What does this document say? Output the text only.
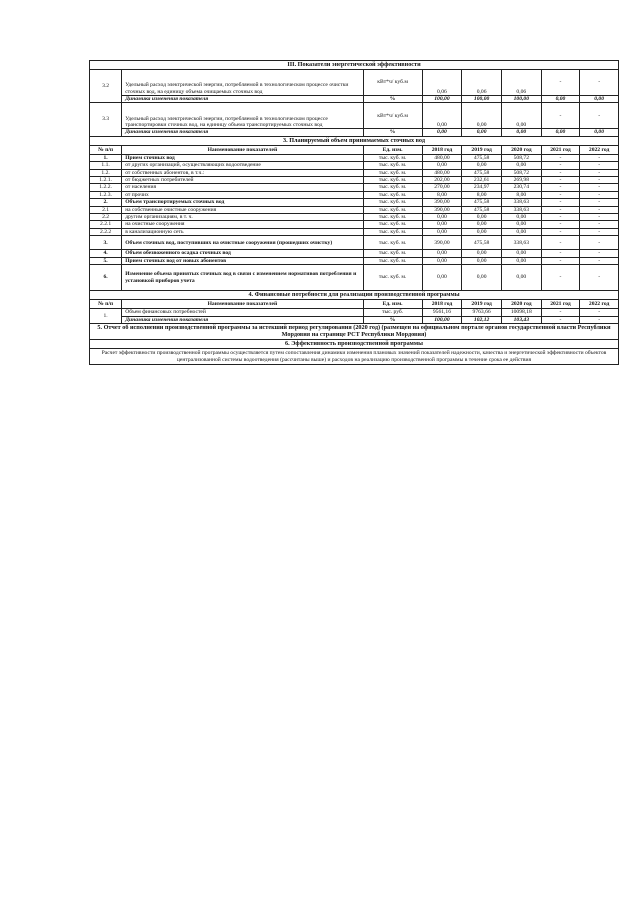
III. Показатели энергетической эффективности							
3.2	Удельный расход электрической энергии, потребляемой в технологическом процессе очистки сточных вод, на единицу объема очищаемых сточных вод	кВт*ч/ куб.м	0,06	0,06	0,06	-	-
	Динамика изменения показателя	%	100,00	100,00	100,00	0,00	0,00
3.3	Удельный расход электрической энергии, потребляемой в технологическом процессе транспортировки сточных вод, на единицу объема транспортируемых сточных вод	кВт*ч/ куб.м	0,00	0,00	0,00	-	-
	Динамика изменения показателя	%	0,00	0,00	0,00	0,00	0,00
3. Планируемый объем принимаемых сточных вод							
№ п/п	Наименование показателей	Ед. изм.	2018 год	2019 год	2020 год	2021 год	2022 год
1.	Прием сточных вод	тыс. куб. м.	480,00	475,58	508,72	-	-
1.1.	от других организаций, осуществляющих водоотведение	тыс. куб. м.	0,00	0,00	0,00	-	-
1.2.	от собственных абонентов, в т.ч.:	тыс. куб. м.	480,00	475,58	508,72	-	-
1.2.1.	от бюджетных потребителей	тыс. куб. м.	202,00	232,61	269,98	-	-
1.2.2.	от населения	тыс. куб. м.	270,00	234,97	230,74	-	-
1.2.3.	от прочих	тыс. куб. м.	8,00	8,00	8,00	-	-
2.	Объем транспортируемых сточных вод	тыс. куб. м.	390,00	475,58	338,63	-	-
2.1	на собственные очистные сооружения	тыс. куб. м.	390,00	475,58	338,63	-	-
2.2	другим организациям, в т. ч.	тыс. куб. м.	0,00	0,00	0,00	-	-
2.2.1	на очистные сооружения	тыс. куб. м.	0,00	0,00	0,00	-	-
2.2.2	в канализационную сеть	тыс. куб. м.	0,00	0,00	0,00	-	-
3.	Объем сточных вод, поступивших на очистные сооружения (прошедших очистку)	тыс. куб. м.	390,00	475,58	338,63	-	-
4.	Объем обезвоженного осадка сточных вод	тыс. куб. м.	0,00	0,00	0,00	-	-
5.	Прием сточных вод от новых абонентов	тыс. куб. м.	0,00	0,00	0,00	-	-
6.	Изменение объема принятых сточных вод в связи с изменением нормативов потребления и установкой приборов учета	тыс. куб. м.	0,00	0,00	0,00	-	-
4. Финансовые потребности для реализации производственной программы							
№ п/п	Наименование показателей	Ед. изм.	2018 год	2019 год	2020 год	2021 год	2022 год
1.	Объем финансовых потребностей	тыс. руб.	9561,16	9763,66	10098,18	-	-
	Динамика изменения показателя	%	100,00	102,12	103,43	-	-
5. Отчет об исполнении производственной программы за истекший период регулирования (2020 год) (размещен на официальном портале органов государственной власти Республики Мордовия на странице РСТ Республики Мордовия)							
6. Эффективность производственной программы							
Расчет эффективности производственной программы осуществляется путем сопоставления динамики изменения плановых значений показателей надежности, качества и энергетической эффективности объектов централизованной системы водоотведения (рассчитаны выше) и расходов на реализацию производственной программы в течение срока ее действия							
